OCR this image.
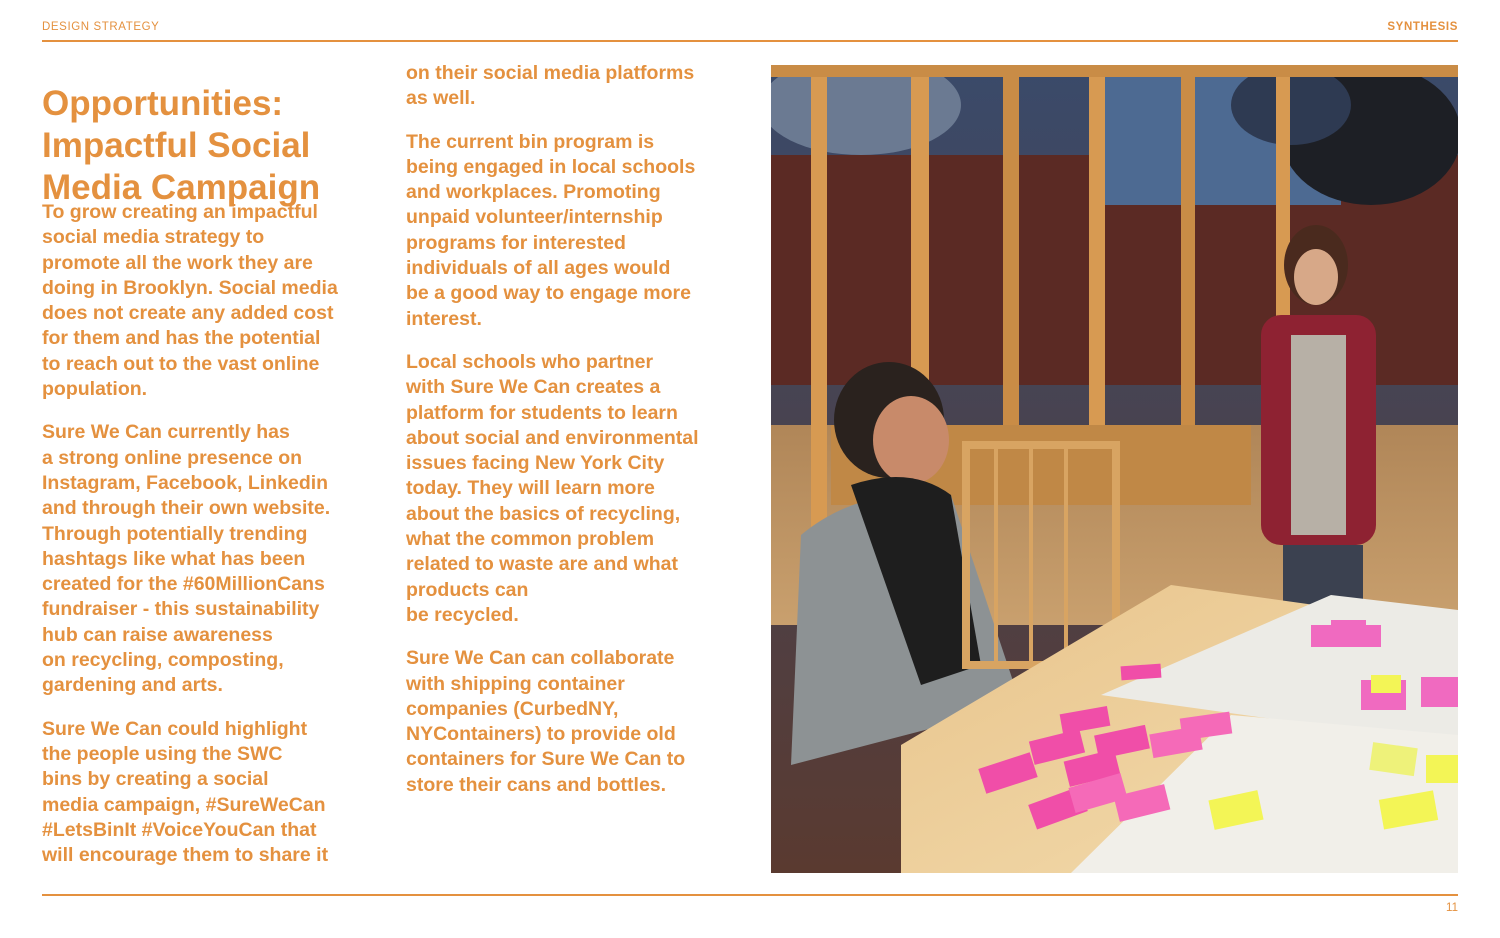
DESIGN STRATEGY	SYNTHESIS
Opportunities:
Impactful Social
Media Campaign

To grow creating an impactful
social media strategy to
promote all the work they are
doing in Brooklyn. Social media
does not create any added cost
for them and has the potential
to reach out to the vast online
population.

Sure We Can currently has
a strong online presence on
Instagram, Facebook, Linkedin
and through their own website.
Through potentially trending
hashtags like what has been
created for the #60MillionCans
fundraiser - this sustainability
hub can raise awareness
on recycling, composting,
gardening and arts.

Sure We Can could highlight
the people using the SWC
bins by creating a social
media campaign, #SureWeCan
#LetsBinIt #VoiceYouCan that
will encourage them to share it

on their social media platforms
as well.

The current bin program is
being engaged in local schools
and workplaces. Promoting
unpaid volunteer/internship
programs for interested
individuals of all ages would
be a good way to engage more
interest.

Local schools who partner
with Sure We Can creates a
platform for students to learn
about social and environmental
issues facing New York City
today. They will learn more
about the basics of recycling,
what the common problem
related to waste are and what
products can
be recycled.

Sure We Can can collaborate
with shipping container
companies (CurbedNY,
NYContainers) to provide old
containers for Sure We Can to
store their cans and bottles.

11
